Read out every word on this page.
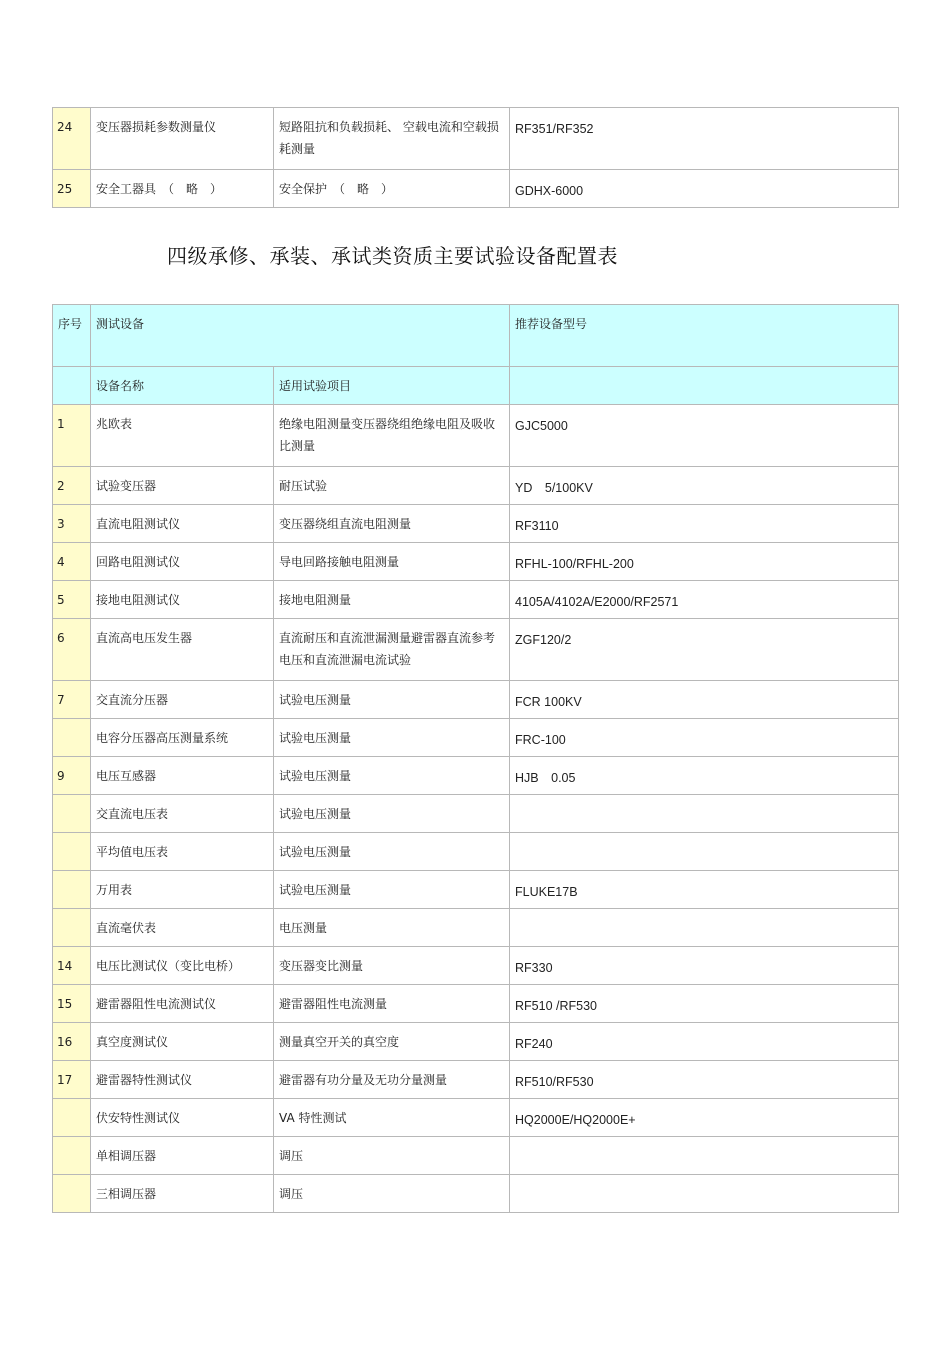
24	变压器损耗参数测量仪	短路阻抗和负载损耗、 空载电流和空载损耗测量	RF351/RF352
25	安全工器具　（　略　）	安全保护　（　略　）	GDHX-6000
四级承修、承装、承试类资质主要试验设备配置表
序号	测试设备		推荐设备型号
	设备名称	适用试验项目	
1	兆欧表	绝缘电阻测量变压器绕组绝缘电阻及吸收比测量	GJC5000
2	试验变压器	耐压试验	YD　5/100KV
3	直流电阻测试仪	变压器绕组直流电阻测量	RF3110
4	回路电阻测试仪	导电回路接触电阻测量	RFHL-100/RFHL-200
5	接地电阻测试仪	接地电阻测量	4105A/4102A/E2000/RF2571
6	直流高电压发生器	直流耐压和直流泄漏测量避雷器直流参考电压和直流泄漏电流试验	ZGF120/2
7	交直流分压器	试验电压测量	FCR 100KV
	电容分压器高压测量系统	试验电压测量	FRC-100
9	电压互感器	试验电压测量	HJB　0.05
	交直流电压表	试验电压测量	
	平均值电压表	试验电压测量	
	万用表	试验电压测量	FLUKE17B
	直流毫伏表	电压测量	
14	电压比测试仪（变比电桥）	变压器变比测量	RF330
15	避雷器阻性电流测试仪	避雷器阻性电流测量	RF510 /RF530
16	真空度测试仪	测量真空开关的真空度	RF240
17	避雷器特性测试仪	避雷器有功分量及无功分量测量	RF510/RF530
	伏安特性测试仪	VA 特性测试	HQ2000E/HQ2000E+
	单相调压器	调压	
	三相调压器	调压	
